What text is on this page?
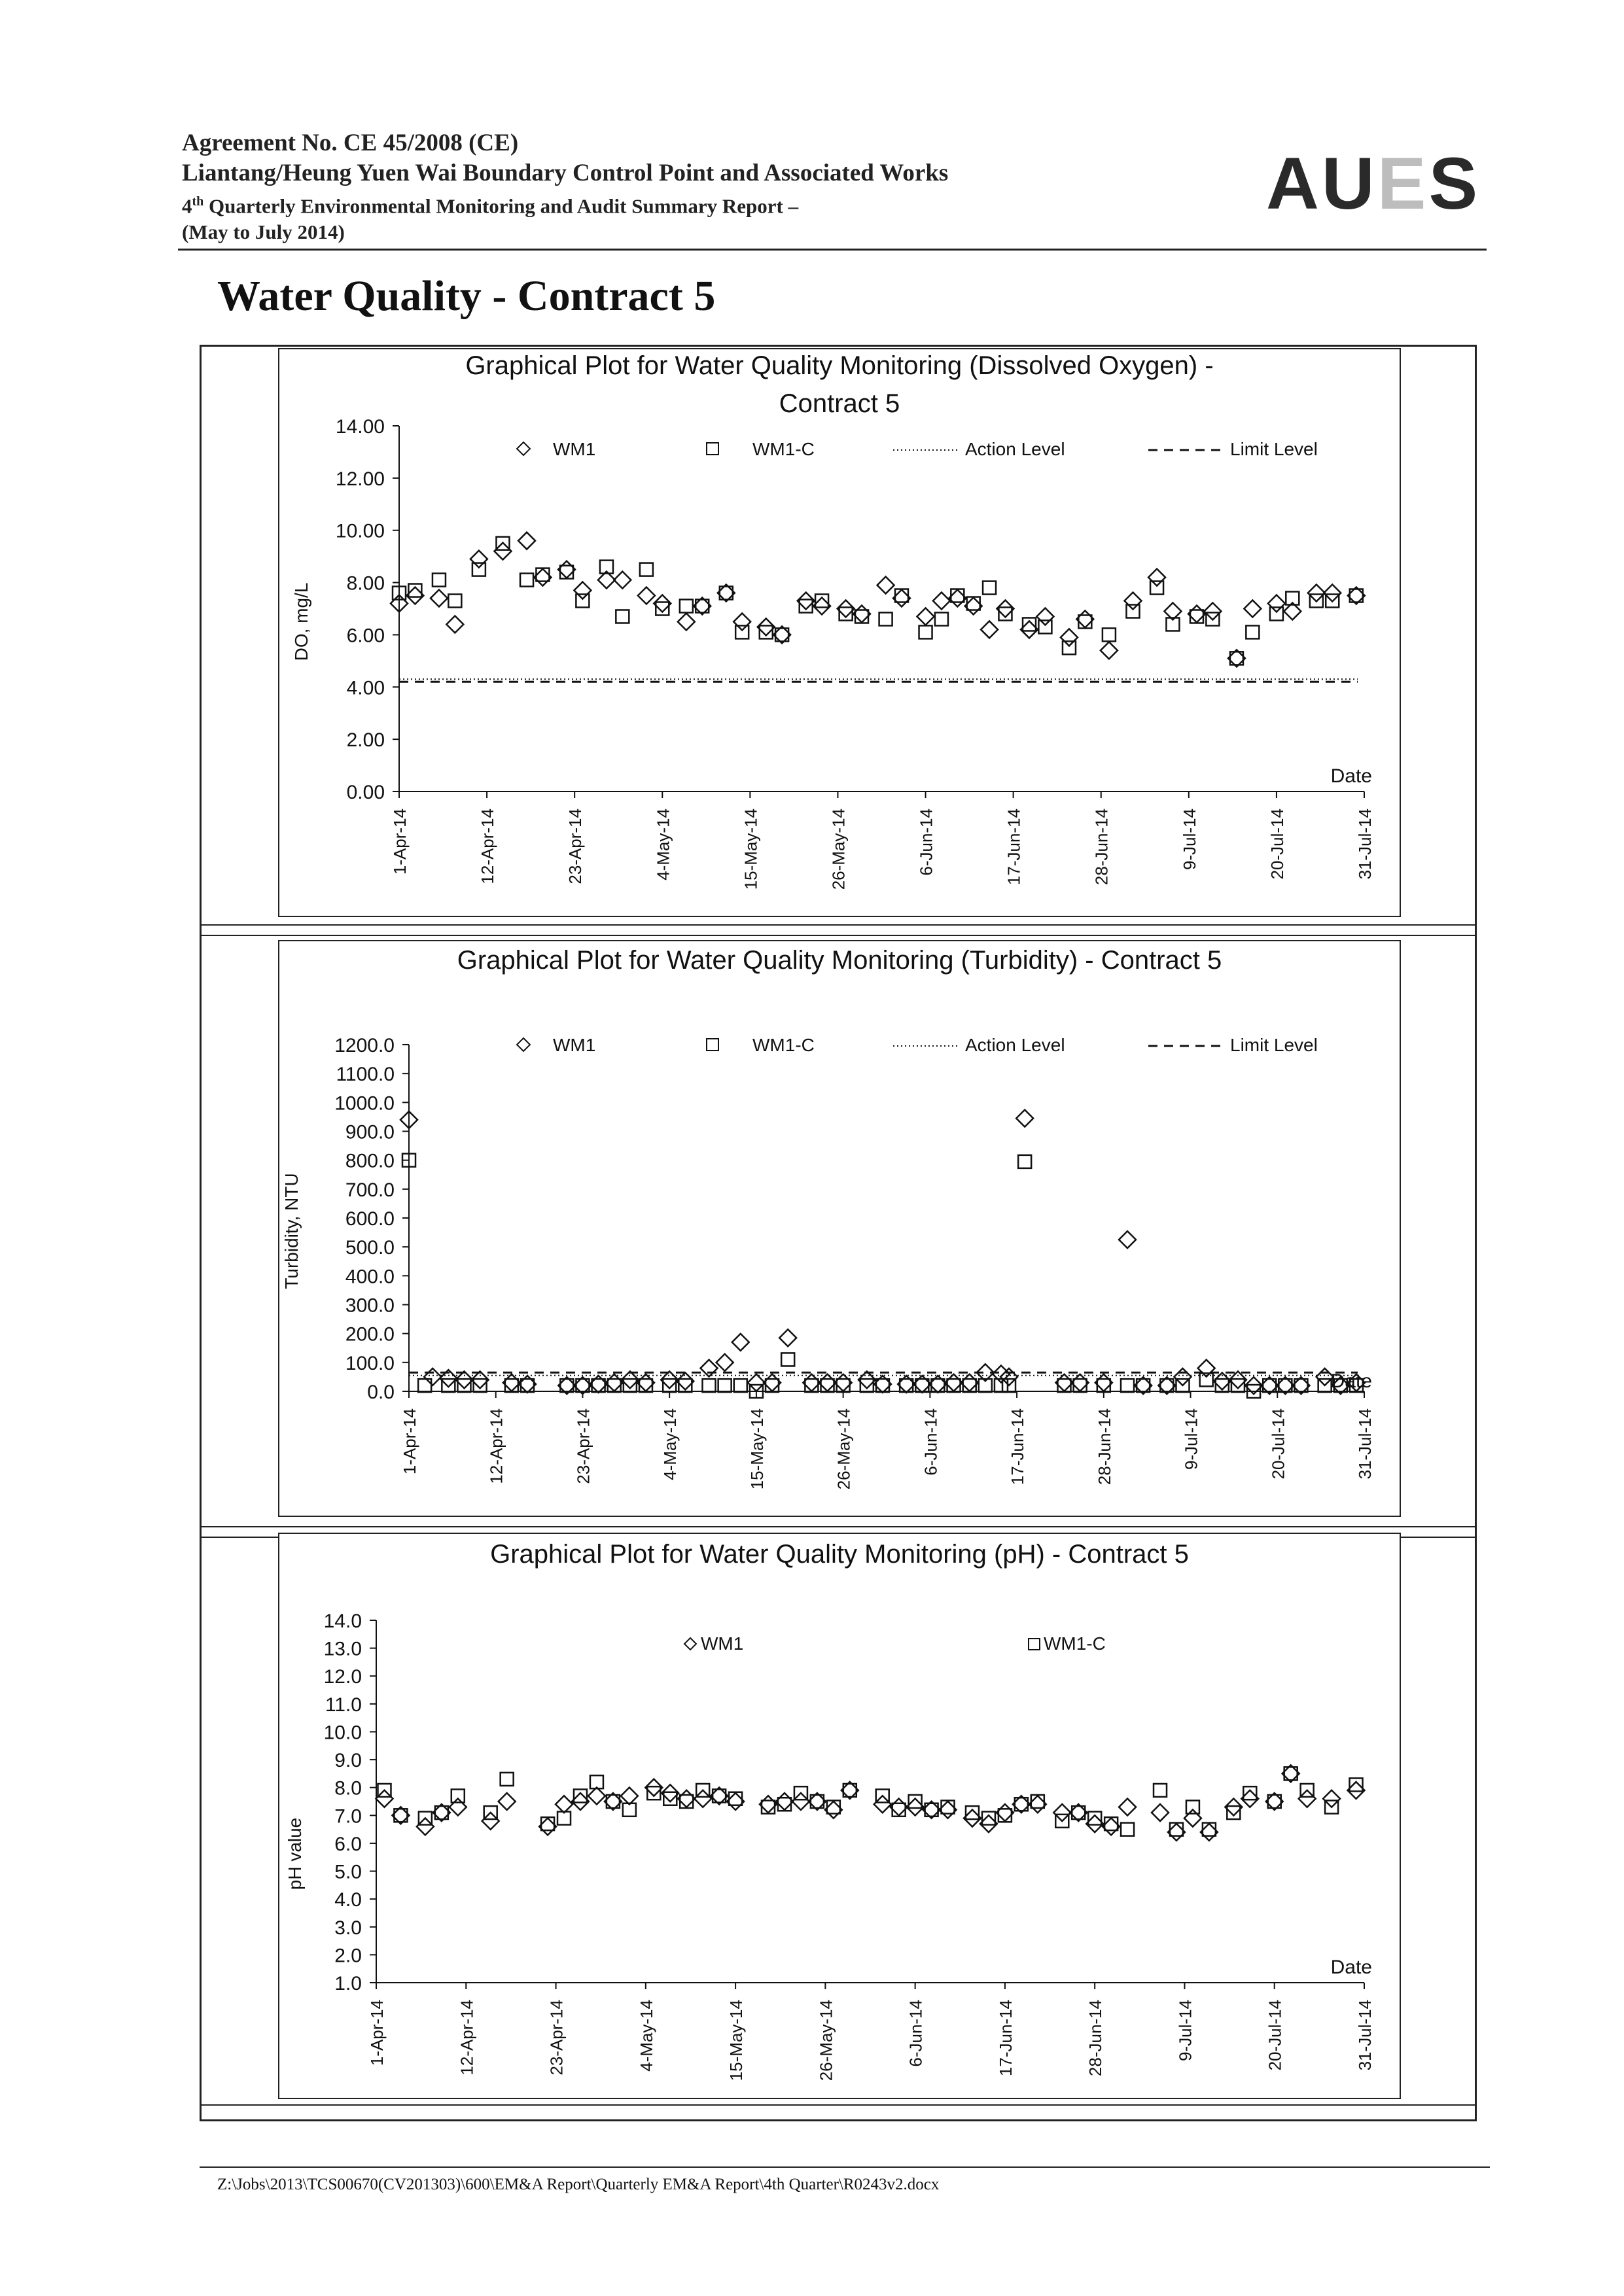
Agreement No. CE 45/2008 (CE)
Liantang/Heung Yuen Wai Boundary Control Point and Associated Works
4th Quarterly Environmental Monitoring and Audit Summary Report –
(May to July 2014)
AUES
Water Quality - Contract 5
Graphical Plot for Water Quality Monitoring (Dissolved Oxygen) -
Contract 5
WM1	WM1-C	Action Level	Limit Level
0.00
2.00
4.00
6.00
8.00
10.00
12.00
14.00
DO, mg/L
1-Apr-14	12-Apr-14	23-Apr-14	4-May-14	15-May-14	26-May-14	6-Jun-14	17-Jun-14	28-Jun-14	9-Jul-14	20-Jul-14	31-Jul-14
Date
Graphical Plot for Water Quality Monitoring (Turbidity) - Contract 5
WM1	WM1-C	Action Level	Limit Level
0.0
100.0
200.0
300.0
400.0
500.0
600.0
700.0
800.0
900.0
1000.0
1100.0
1200.0
Turbidity, NTU
1-Apr-14	12-Apr-14	23-Apr-14	4-May-14	15-May-14	26-May-14	6-Jun-14	17-Jun-14	28-Jun-14	9-Jul-14	20-Jul-14	31-Jul-14
Date
Graphical Plot for Water Quality Monitoring (pH) - Contract 5
WM1	WM1-C
1.0
2.0
3.0
4.0
5.0
6.0
7.0
8.0
9.0
10.0
11.0
12.0
13.0
14.0
pH value
1-Apr-14	12-Apr-14	23-Apr-14	4-May-14	15-May-14	26-May-14	6-Jun-14	17-Jun-14	28-Jun-14	9-Jul-14	20-Jul-14	31-Jul-14
Date
Z:\Jobs\2013\TCS00670(CV201303)\600\EM&A Report\Quarterly EM&A Report\4th Quarter\R0243v2.docx
